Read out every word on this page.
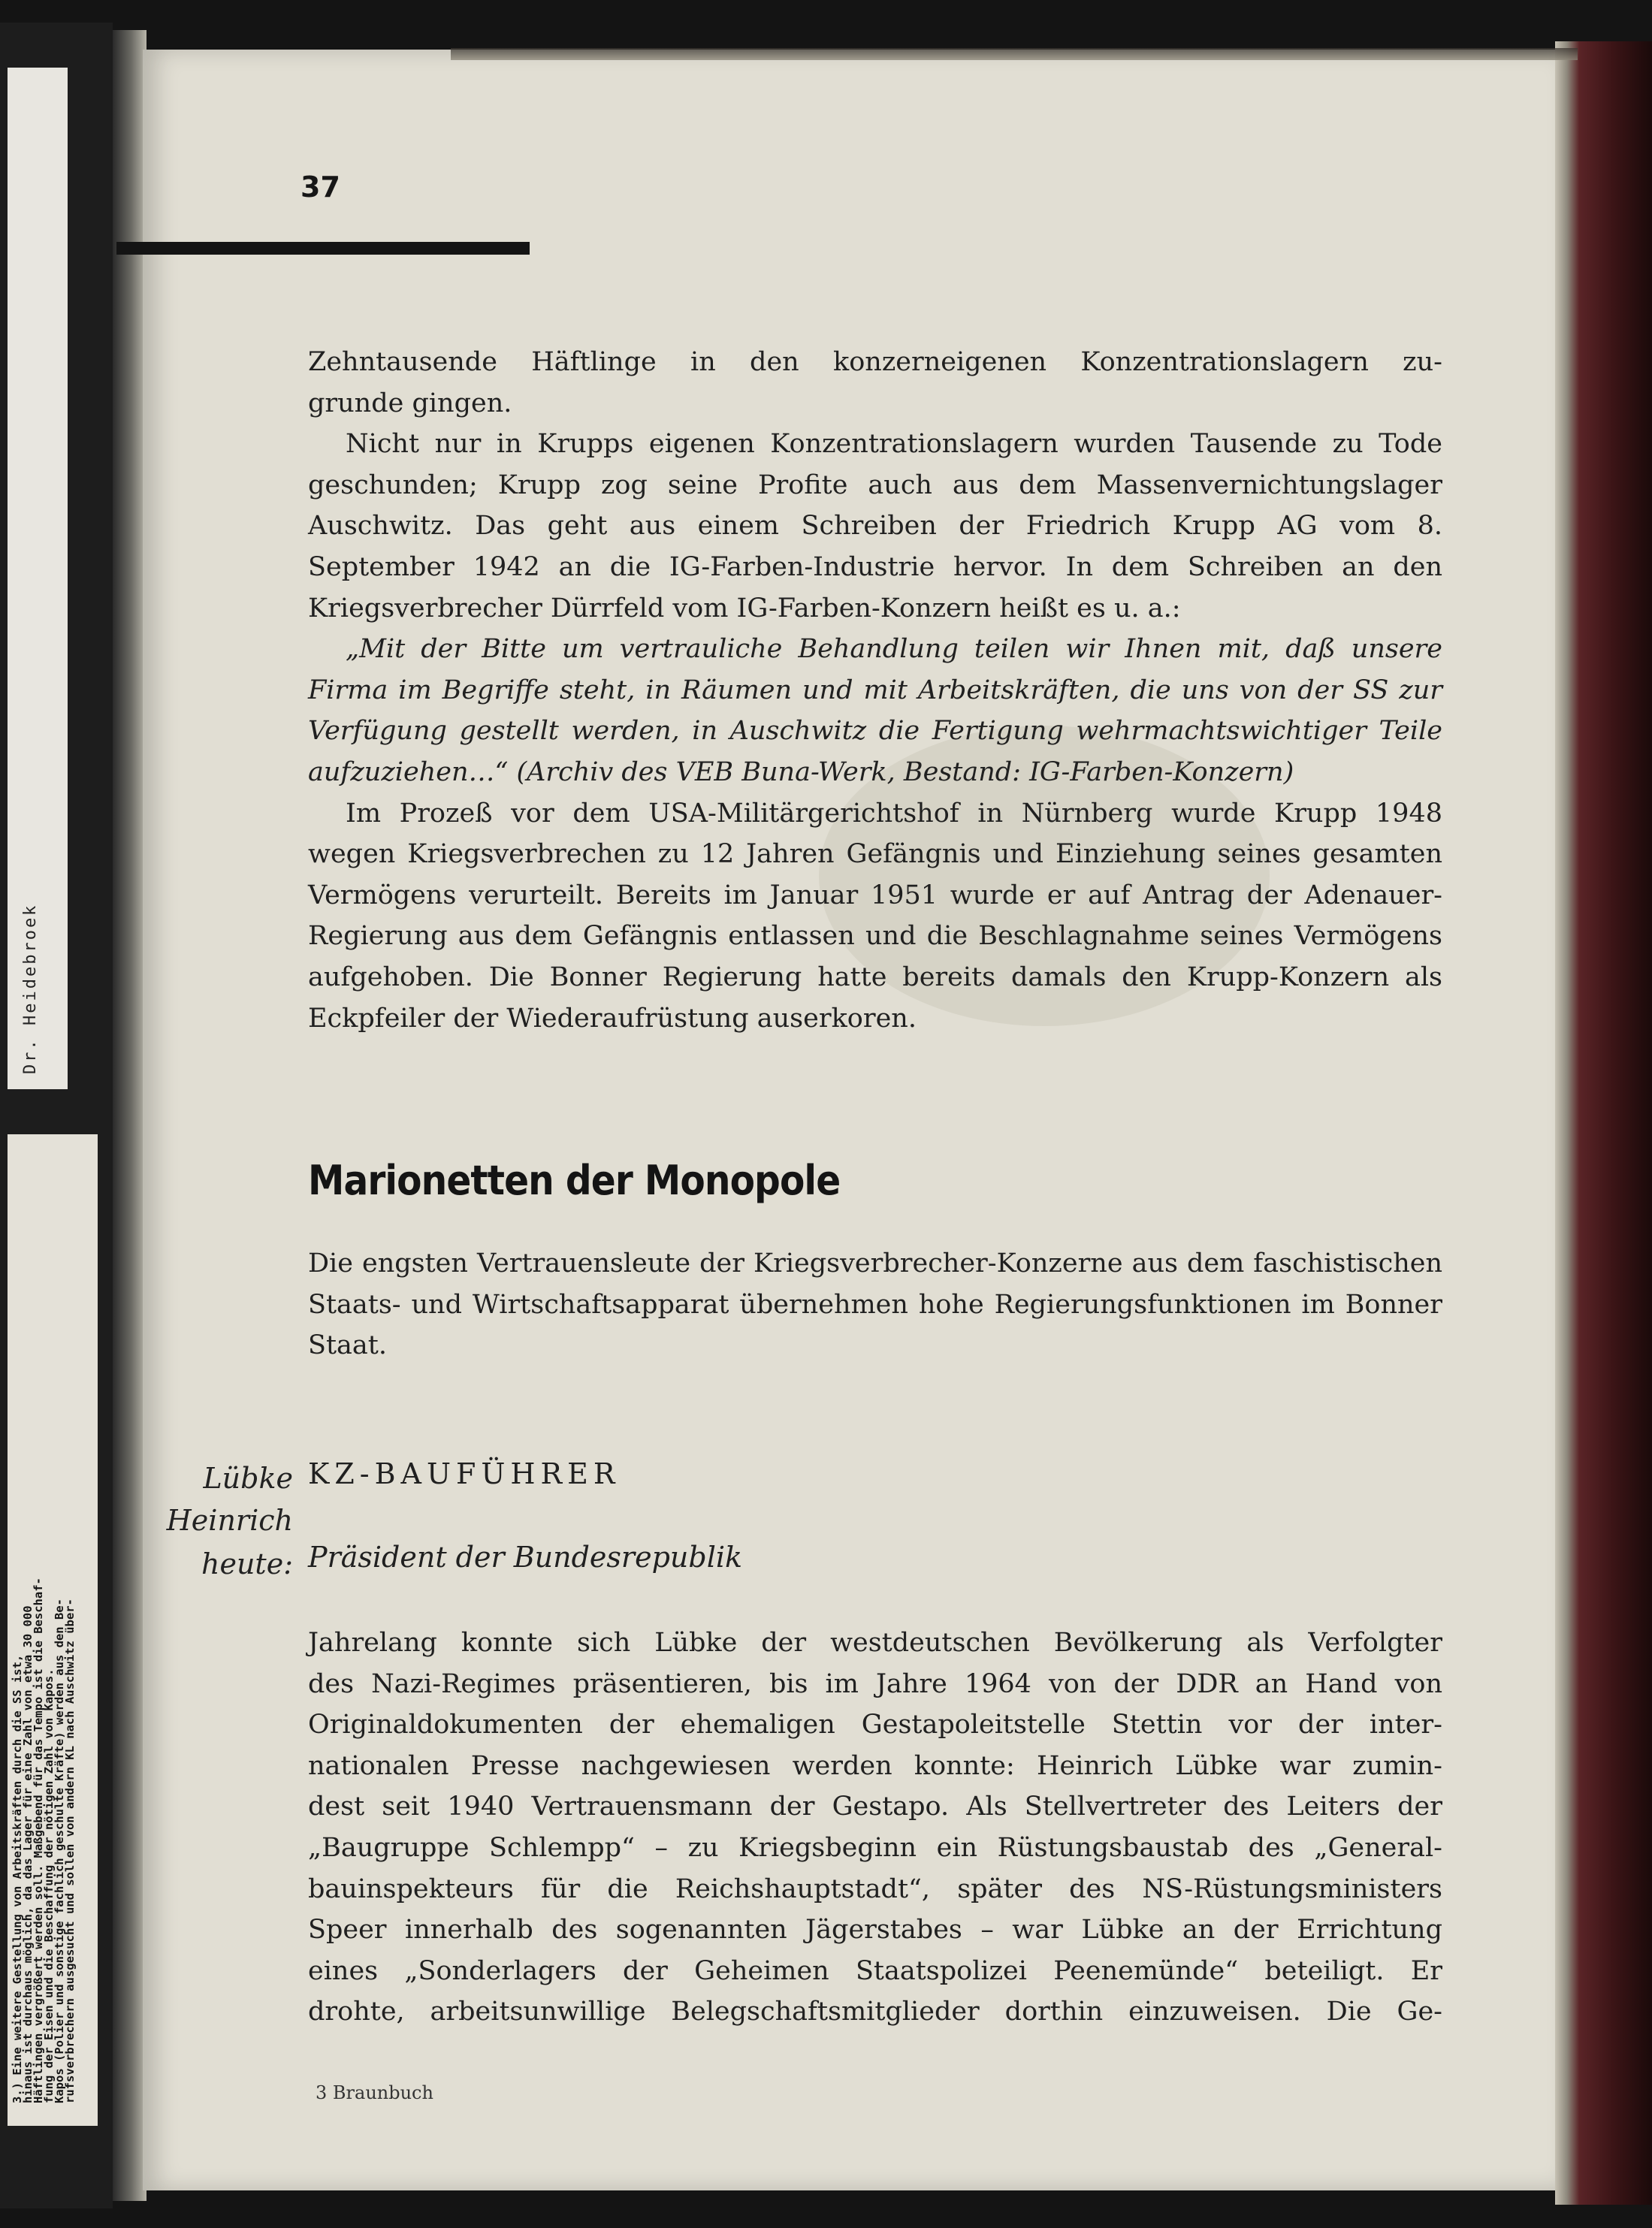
Dr. Heidebroek
3.) Eine weitere Gestellung von Arbeitskräften durch die SS ist,
hinaus ist durchaus möglich, da das Lager für eine Zahl von etwa 30 000
Häftlingen vergrößert werden soll. Maßgebend für das Tempo ist die Beschaf-
fung der Eisen und die Beschaffung der nötigen Zahl von Kapos.
Kapos (Polier und sonstige fachlich geschulte Kräfte) werden aus den Be-
rufsverbrechern ausgesucht und sollen von andern KL nach Auschwitz über-
37

Zehntausende Häftlinge in den konzerneigenen Konzentrationslagern zu-

grunde gingen.

Nicht nur in Krupps eigenen Konzentrationslagern wurden Tausende zu Tode geschunden; Krupp zog seine Profite auch aus dem Massenvernichtungslager Auschwitz. Das geht aus einem Schreiben der Friedrich Krupp AG vom 8. September 1942 an die IG-Farben-Industrie hervor. In dem Schreiben an den Kriegsverbrecher Dürrfeld vom IG-Farben-Konzern heißt es u. a.:

„Mit der Bitte um vertrauliche Behandlung teilen wir Ihnen mit, daß unsere Firma im Begriffe steht, in Räumen und mit Arbeitskräften, die uns von der SS zur Verfügung gestellt werden, in Auschwitz die Fertigung wehrmachtswichtiger Teile aufzuziehen…“ (Archiv des VEB Buna-Werk, Bestand: IG-Farben-Konzern)

Im Prozeß vor dem USA-Militärgerichtshof in Nürnberg wurde Krupp 1948 wegen Kriegsverbrechen zu 12 Jahren Gefängnis und Einziehung seines gesamten Vermögens verurteilt. Bereits im Januar 1951 wurde er auf Antrag der Adenauer-Regierung aus dem Gefängnis entlassen und die Beschlagnahme seines Vermögens aufgehoben. Die Bonner Regierung hatte bereits damals den Krupp-Konzern als Eckpfeiler der Wiederaufrüstung auserkoren.

Marionetten der Monopole
Die engsten Vertrauensleute der Kriegsverbrecher-Konzerne aus dem faschistischen Staats- und Wirtschaftsapparat übernehmen hohe Regierungsfunktionen im Bonner Staat.
Lübke
Heinrich
heute:
KZ-BAUFÜHRER
Präsident der Bundesrepublik
Jahrelang konnte sich Lübke der westdeutschen Bevölkerung als Verfolgter
des Nazi-Regimes präsentieren, bis im Jahre 1964 von der DDR an Hand von
Originaldokumenten der ehemaligen Gestapoleitstelle Stettin vor der inter-
nationalen Presse nachgewiesen werden konnte: Heinrich Lübke war zumin-
dest seit 1940 Vertrauensmann der Gestapo. Als Stellvertreter des Leiters der
„Baugruppe Schlempp“ – zu Kriegsbeginn ein Rüstungsbaustab des „General-
bauinspekteurs für die Reichshauptstadt“, später des NS-Rüstungsministers
Speer innerhalb des sogenannten Jägerstabes – war Lübke an der Errichtung
eines „Sonderlagers der Geheimen Staatspolizei Peenemünde“ beteiligt. Er
drohte, arbeitsunwillige Belegschaftsmitglieder dorthin einzuweisen. Die Ge-
3 Braunbuch
